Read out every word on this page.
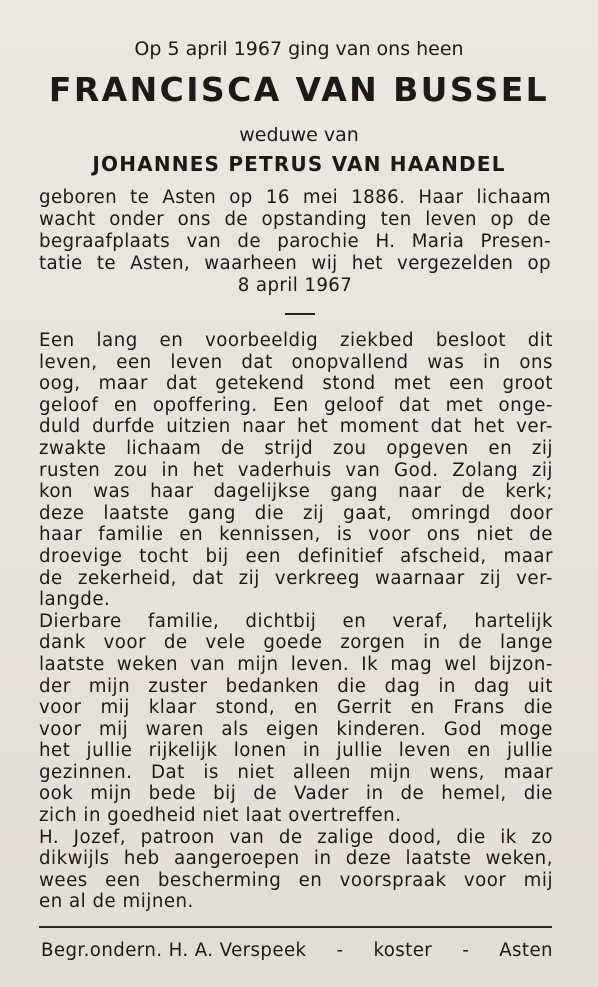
Op 5 april 1967 ging van ons heen
FRANCISCA VAN BUSSEL
weduwe van
JOHANNES PETRUS VAN HAANDEL
geboren te Asten op 16 mei 1886. Haar lichaam
wacht onder ons de opstanding ten leven op de
begraafplaats van de parochie H. Maria Presen-
tatie te Asten, waarheen wij het vergezelden op
8 april 1967
Een lang en voorbeeldig ziekbed besloot dit
leven, een leven dat onopvallend was in ons
oog, maar dat getekend stond met een groot
geloof en opoffering. Een geloof dat met onge-
duld durfde uitzien naar het moment dat het ver-
zwakte lichaam de strijd zou opgeven en zij
rusten zou in het vaderhuis van God. Zolang zij
kon was haar dagelijkse gang naar de kerk;
deze laatste gang die zij gaat, omringd door
haar familie en kennissen, is voor ons niet de
droevige tocht bij een definitief afscheid, maar
de zekerheid, dat zij verkreeg waarnaar zij ver-
langde.
Dierbare familie, dichtbij en veraf, hartelijk
dank voor de vele goede zorgen in de lange
laatste weken van mijn leven. Ik mag wel bijzon-
der mijn zuster bedanken die dag in dag uit
voor mij klaar stond, en Gerrit en Frans die
voor mij waren als eigen kinderen. God moge
het jullie rijkelijk lonen in jullie leven en jullie
gezinnen. Dat is niet alleen mijn wens, maar
ook mijn bede bij de Vader in de hemel, die
zich in goedheid niet laat overtreffen.
H. Jozef, patroon van de zalige dood, die ik zo
dikwijls heb aangeroepen in deze laatste weken,
wees een bescherming en voorspraak voor mij
en al de mijnen.
Begr.ondern. H. A. Verspeek - koster - Asten
